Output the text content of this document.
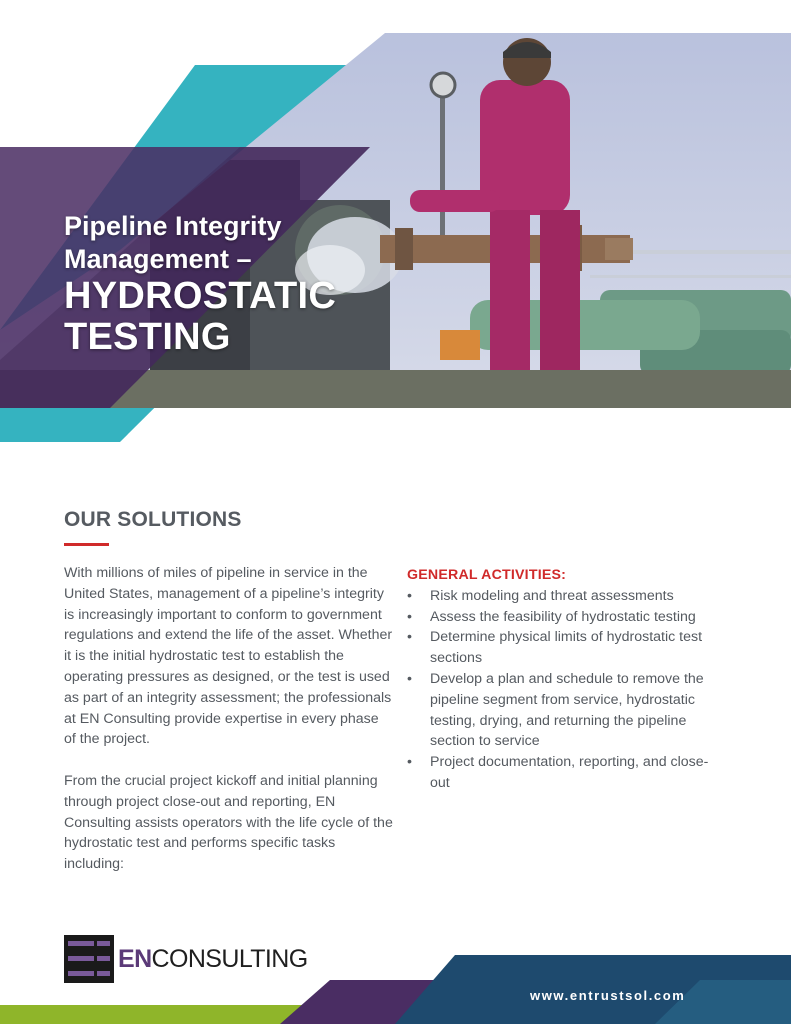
Pipeline Integrity
Management –
HYDROSTATIC
TESTING
OUR SOLUTIONS

With millions of miles of pipeline in service in the United States, management of a pipeline’s integrity is increasingly important to conform to government regulations and extend the life of the asset. Whether it is the initial hydrostatic test to establish the operating pressures as designed, or the test is used as part of an integrity assessment; the professionals at EN Consulting provide expertise in every phase of the project.

From the crucial project kickoff and initial planning through project close-out and reporting, EN Consulting assists operators with the life cycle of the hydrostatic test and performs specific tasks including:

GENERAL ACTIVITIES:
• Risk modeling and threat assessments
• Assess the feasibility of hydrostatic testing
• Determine physical limits of hydrostatic test sections
• Develop a plan and schedule to remove the pipeline segment from service, hydrostatic testing, drying, and returning the pipeline section to service
• Project documentation, reporting, and close-out
ENCONSULTING
www.entrustsol.com
